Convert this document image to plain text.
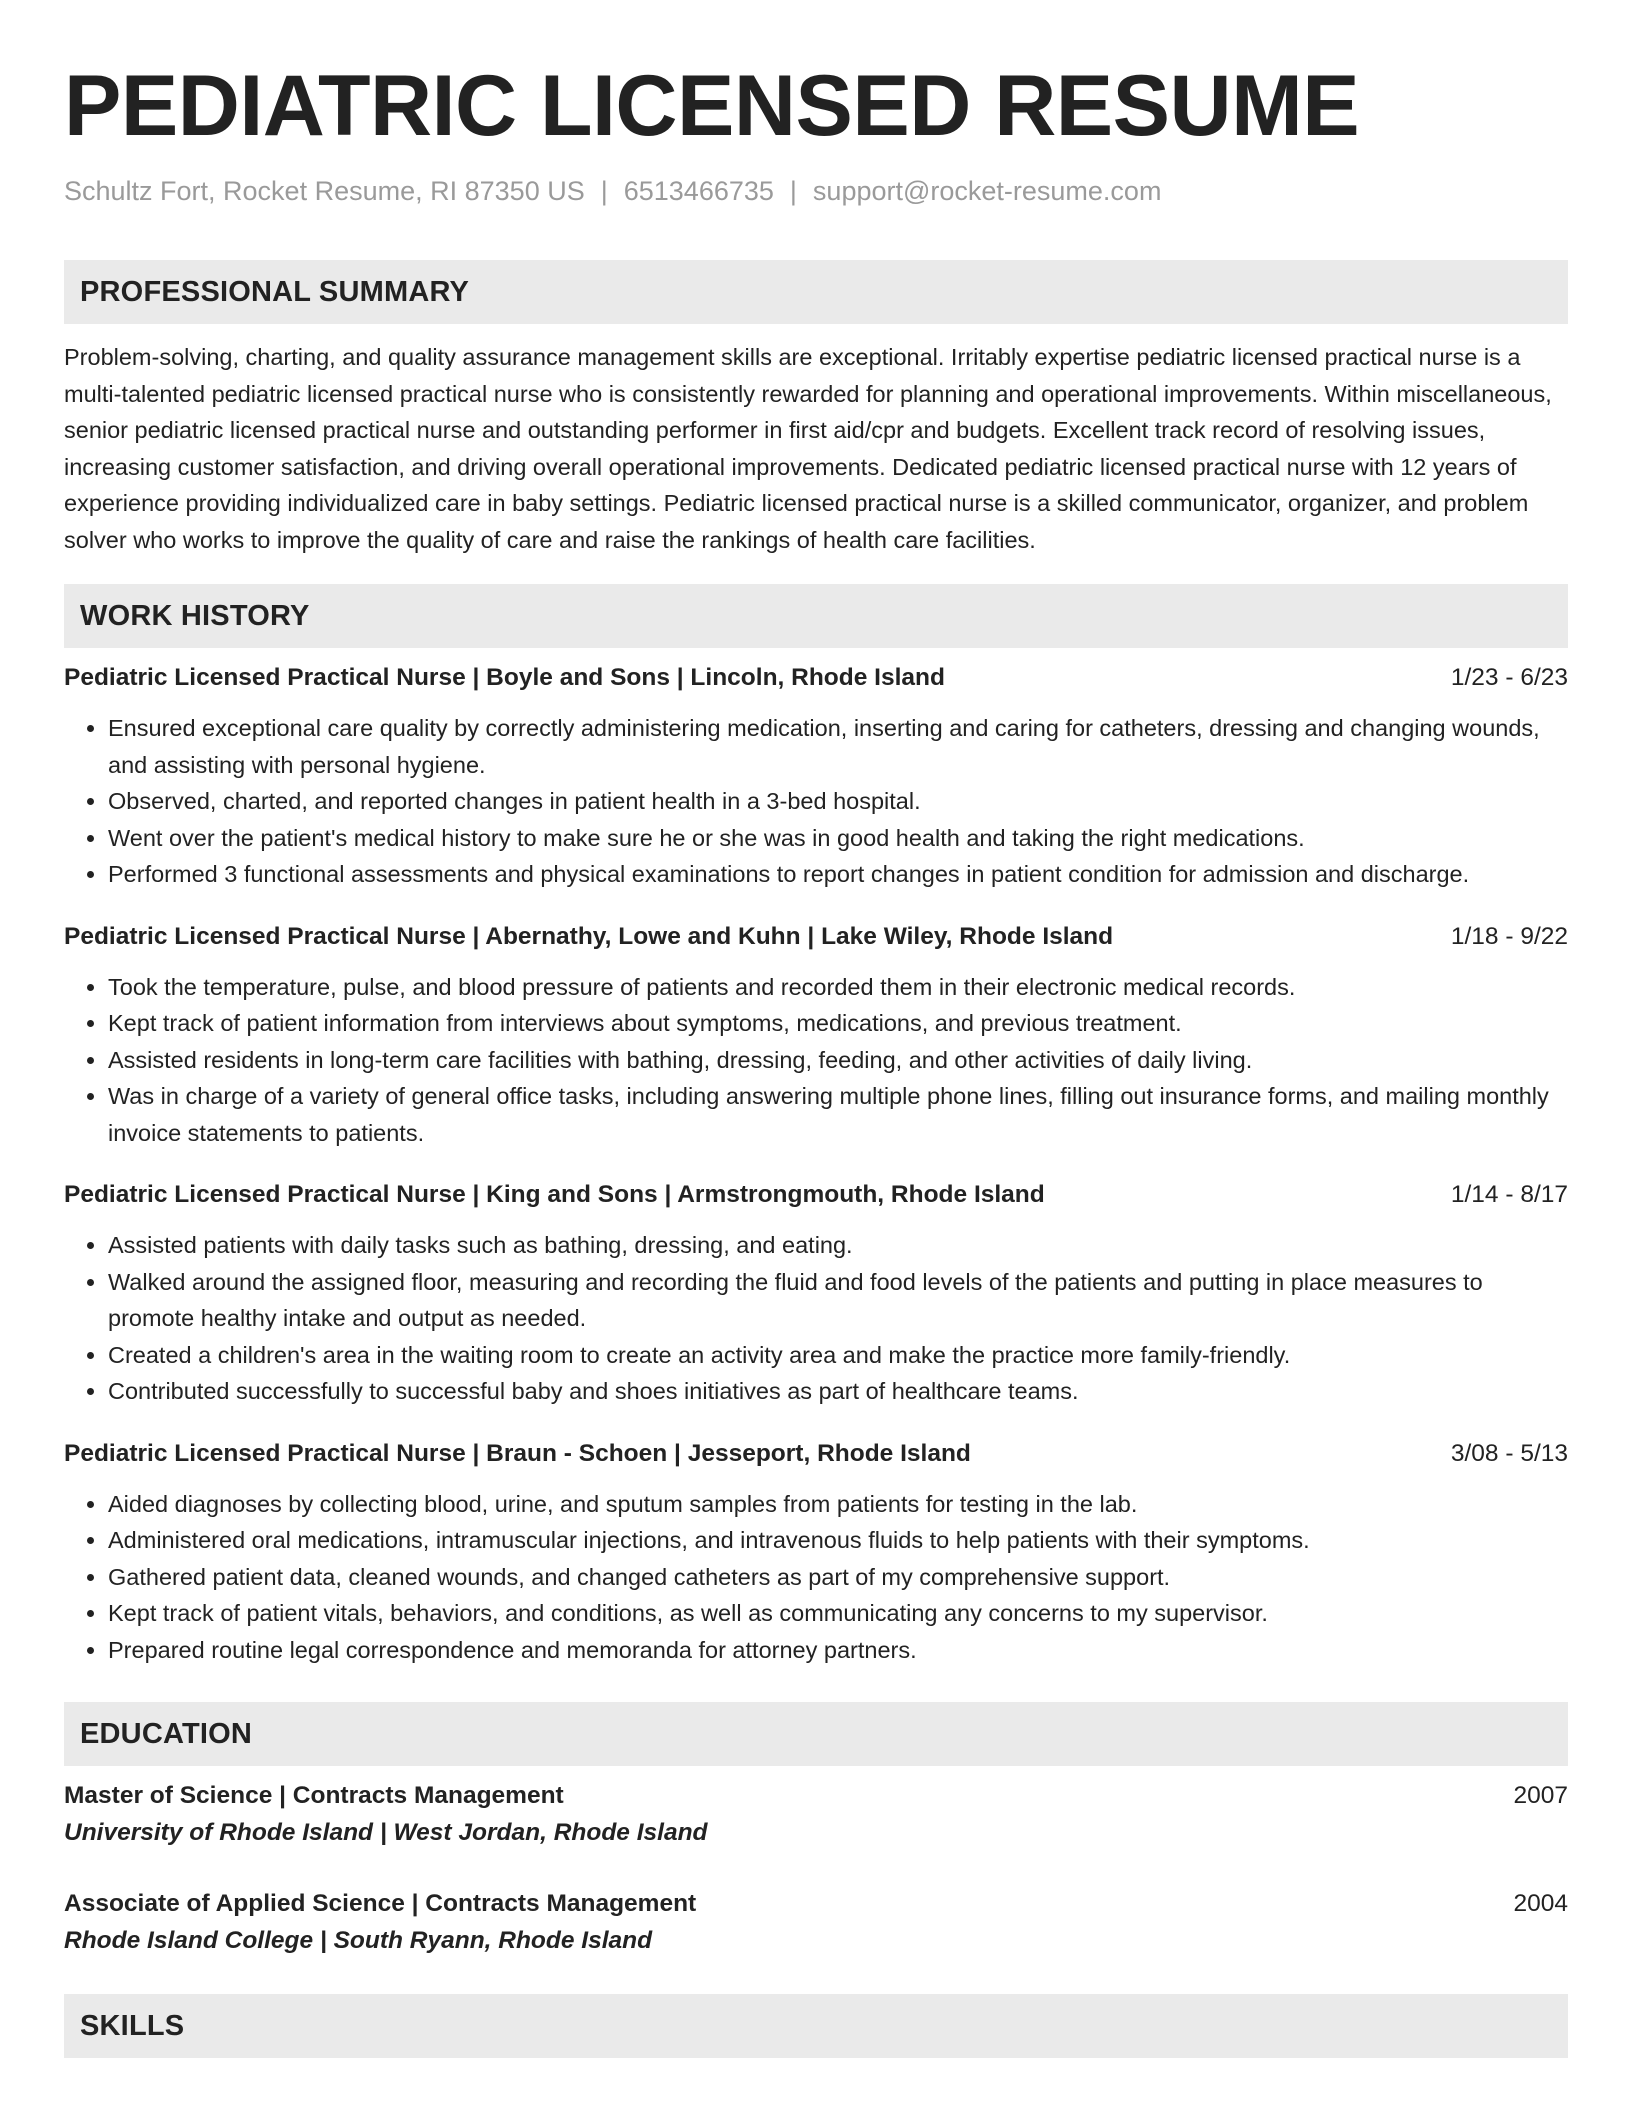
PEDIATRIC LICENSED RESUME
Schultz Fort, Rocket Resume, RI 87350 US | 6513466735 | support@rocket-resume.com
PROFESSIONAL SUMMARY
Problem-solving, charting, and quality assurance management skills are exceptional. Irritably expertise pediatric licensed practical nurse is a multi-talented pediatric licensed practical nurse who is consistently rewarded for planning and operational improvements. Within miscellaneous, senior pediatric licensed practical nurse and outstanding performer in first aid/cpr and budgets. Excellent track record of resolving issues, increasing customer satisfaction, and driving overall operational improvements. Dedicated pediatric licensed practical nurse with 12 years of experience providing individualized care in baby settings. Pediatric licensed practical nurse is a skilled communicator, organizer, and problem solver who works to improve the quality of care and raise the rankings of health care facilities.
WORK HISTORY
Pediatric Licensed Practical Nurse | Boyle and Sons | Lincoln, Rhode Island	1/23 - 6/23
• Ensured exceptional care quality by correctly administering medication, inserting and caring for catheters, dressing and changing wounds, and assisting with personal hygiene.
• Observed, charted, and reported changes in patient health in a 3-bed hospital.
• Went over the patient's medical history to make sure he or she was in good health and taking the right medications.
• Performed 3 functional assessments and physical examinations to report changes in patient condition for admission and discharge.
Pediatric Licensed Practical Nurse | Abernathy, Lowe and Kuhn | Lake Wiley, Rhode Island	1/18 - 9/22
• Took the temperature, pulse, and blood pressure of patients and recorded them in their electronic medical records.
• Kept track of patient information from interviews about symptoms, medications, and previous treatment.
• Assisted residents in long-term care facilities with bathing, dressing, feeding, and other activities of daily living.
• Was in charge of a variety of general office tasks, including answering multiple phone lines, filling out insurance forms, and mailing monthly invoice statements to patients.
Pediatric Licensed Practical Nurse | King and Sons | Armstrongmouth, Rhode Island	1/14 - 8/17
• Assisted patients with daily tasks such as bathing, dressing, and eating.
• Walked around the assigned floor, measuring and recording the fluid and food levels of the patients and putting in place measures to promote healthy intake and output as needed.
• Created a children's area in the waiting room to create an activity area and make the practice more family-friendly.
• Contributed successfully to successful baby and shoes initiatives as part of healthcare teams.
Pediatric Licensed Practical Nurse | Braun - Schoen | Jesseport, Rhode Island	3/08 - 5/13
• Aided diagnoses by collecting blood, urine, and sputum samples from patients for testing in the lab.
• Administered oral medications, intramuscular injections, and intravenous fluids to help patients with their symptoms.
• Gathered patient data, cleaned wounds, and changed catheters as part of my comprehensive support.
• Kept track of patient vitals, behaviors, and conditions, as well as communicating any concerns to my supervisor.
• Prepared routine legal correspondence and memoranda for attorney partners.
EDUCATION
Master of Science | Contracts Management	2007
University of Rhode Island | West Jordan, Rhode Island
Associate of Applied Science | Contracts Management	2004
Rhode Island College | South Ryann, Rhode Island
SKILLS
